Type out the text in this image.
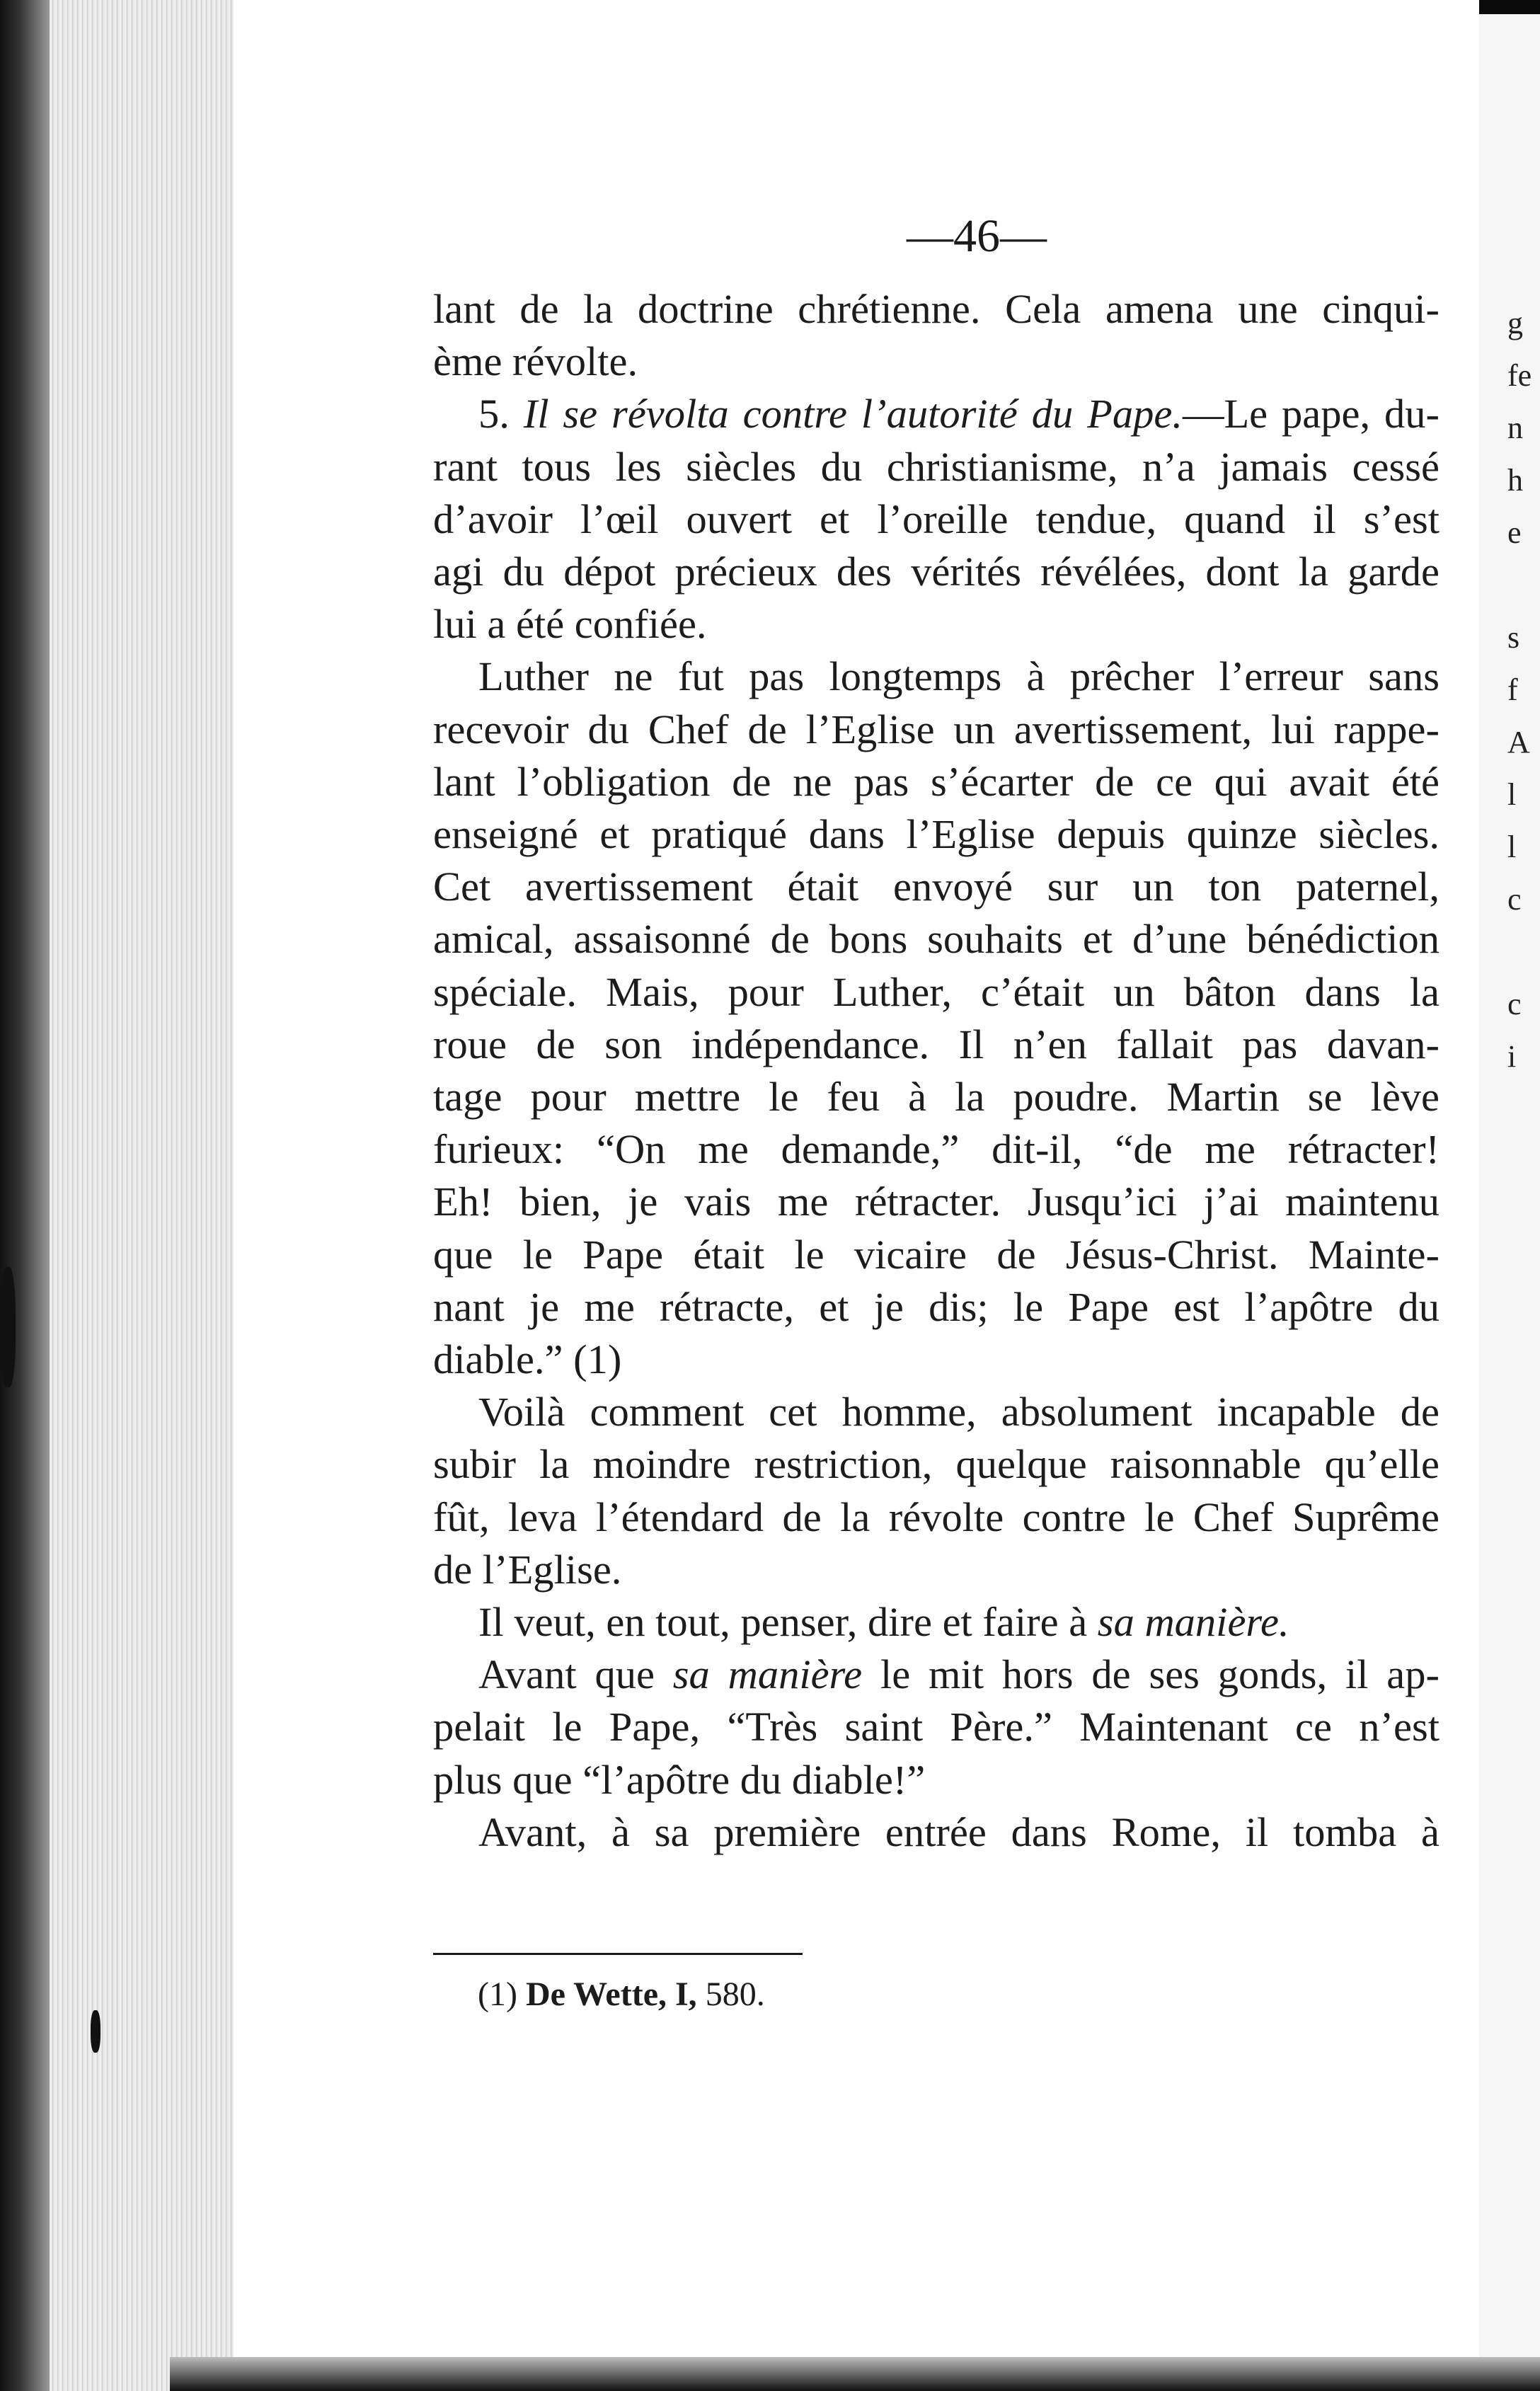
—46—
lant de la doctrine chrétienne. Cela amena une cinqui-
ème révolte.
5. Il se révolta contre l’autorité du Pape.—Le pape, du-
rant tous les siècles du christianisme, n’a jamais cessé
d’avoir l’œil ouvert et l’oreille tendue, quand il s’est
agi du dépot précieux des vérités révélées, dont la garde
lui a été confiée.
Luther ne fut pas longtemps à prêcher l’erreur sans
recevoir du Chef de l’Eglise un avertissement, lui rappe-
lant l’obligation de ne pas s’écarter de ce qui avait été
enseigné et pratiqué dans l’Eglise depuis quinze siècles.
Cet avertissement était envoyé sur un ton paternel,
amical, assaisonné de bons souhaits et d’une bénédiction
spéciale. Mais, pour Luther, c’était un bâton dans la
roue de son indépendance. Il n’en fallait pas davan-
tage pour mettre le feu à la poudre. Martin se lève
furieux: “On me demande,” dit-il, “de me rétracter!
Eh! bien, je vais me rétracter. Jusqu’ici j’ai maintenu
que le Pape était le vicaire de Jésus-Christ. Mainte-
nant je me rétracte, et je dis; le Pape est l’apôtre du
diable.” (1)
Voilà comment cet homme, absolument incapable de
subir la moindre restriction, quelque raisonnable qu’elle
fût, leva l’étendard de la révolte contre le Chef Suprême
de l’Eglise.
Il veut, en tout, penser, dire et faire à sa manière.
Avant que sa manière le mit hors de ses gonds, il ap-
pelait le Pape, “Très saint Père.” Maintenant ce n’est
plus que “l’apôtre du diable!”
Avant, à sa première entrée dans Rome, il tomba à
(1) De Wette, I, 580.
g
fe
n
h
e

s
f
A
l
l
c

c
i
